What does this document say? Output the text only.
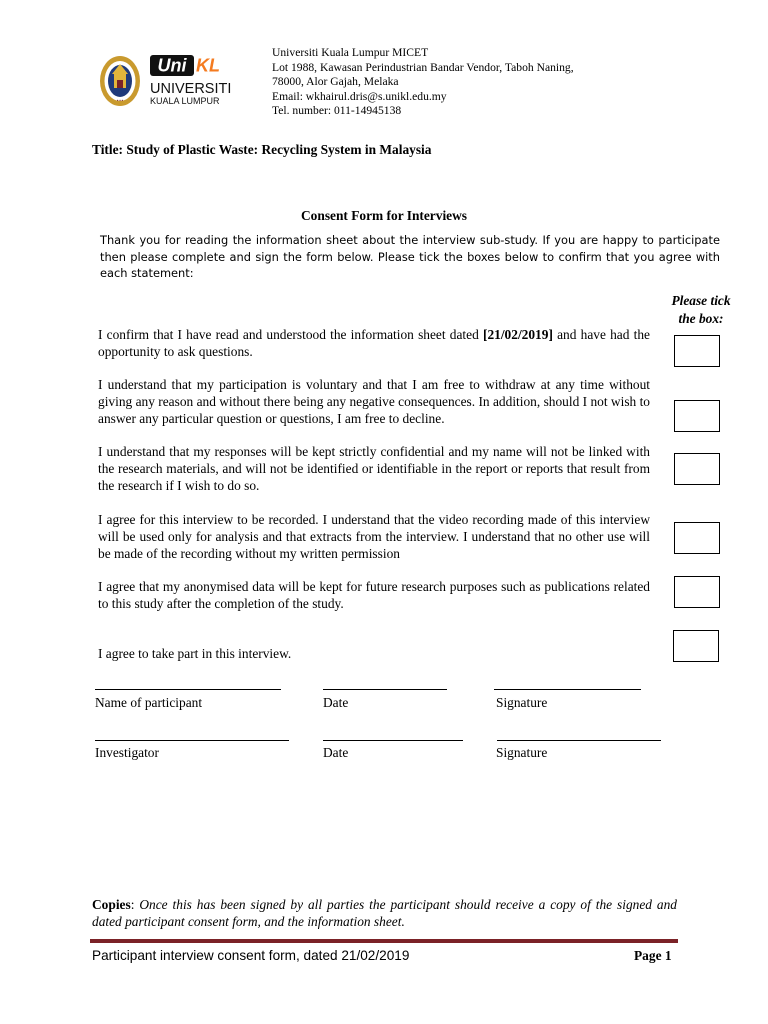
•••
Uni KL
UNIVERSITI
KUALA LUMPUR
Universiti Kuala Lumpur MICET
Lot 1988, Kawasan Perindustrian Bandar Vendor, Taboh Naning,
78000, Alor Gajah, Melaka
Email: wkhairul.dris@s.unikl.edu.my
Tel. number: 011-14945138
Title: Study of Plastic Waste: Recycling System in Malaysia
Consent Form for Interviews
Thank you for reading the information sheet about the interview sub-study. If you are happy to participate then please complete and sign the form below. Please tick the boxes below to confirm that you agree with each statement:
Please tick
the box:
I confirm that I have read and understood the information sheet dated [21/02/2019] and have had the opportunity to ask questions.
I understand that my participation is voluntary and that I am free to withdraw at any time without giving any reason and without there being any negative consequences. In addition, should I not wish to answer any particular question or questions, I am free to decline.
I understand that my responses will be kept strictly confidential and my name will not be linked with the research materials, and will not be identified or identifiable in the report or reports that result from the research if I wish to do so.
I agree for this interview to be recorded. I understand that the video recording made of this interview will be used only for analysis and that extracts from the interview. I understand that no other use will be made of the recording without my written permission
I agree that my anonymised data will be kept for future research purposes such as publications related to this study after the completion of the study.
I agree to take part in this interview.
Name of participant	Date	Signature
Investigator	Date	Signature
Copies: Once this has been signed by all parties the participant should receive a copy of the signed and dated participant consent form, and the information sheet.
Participant interview consent form, dated 21/02/2019	Page 1
